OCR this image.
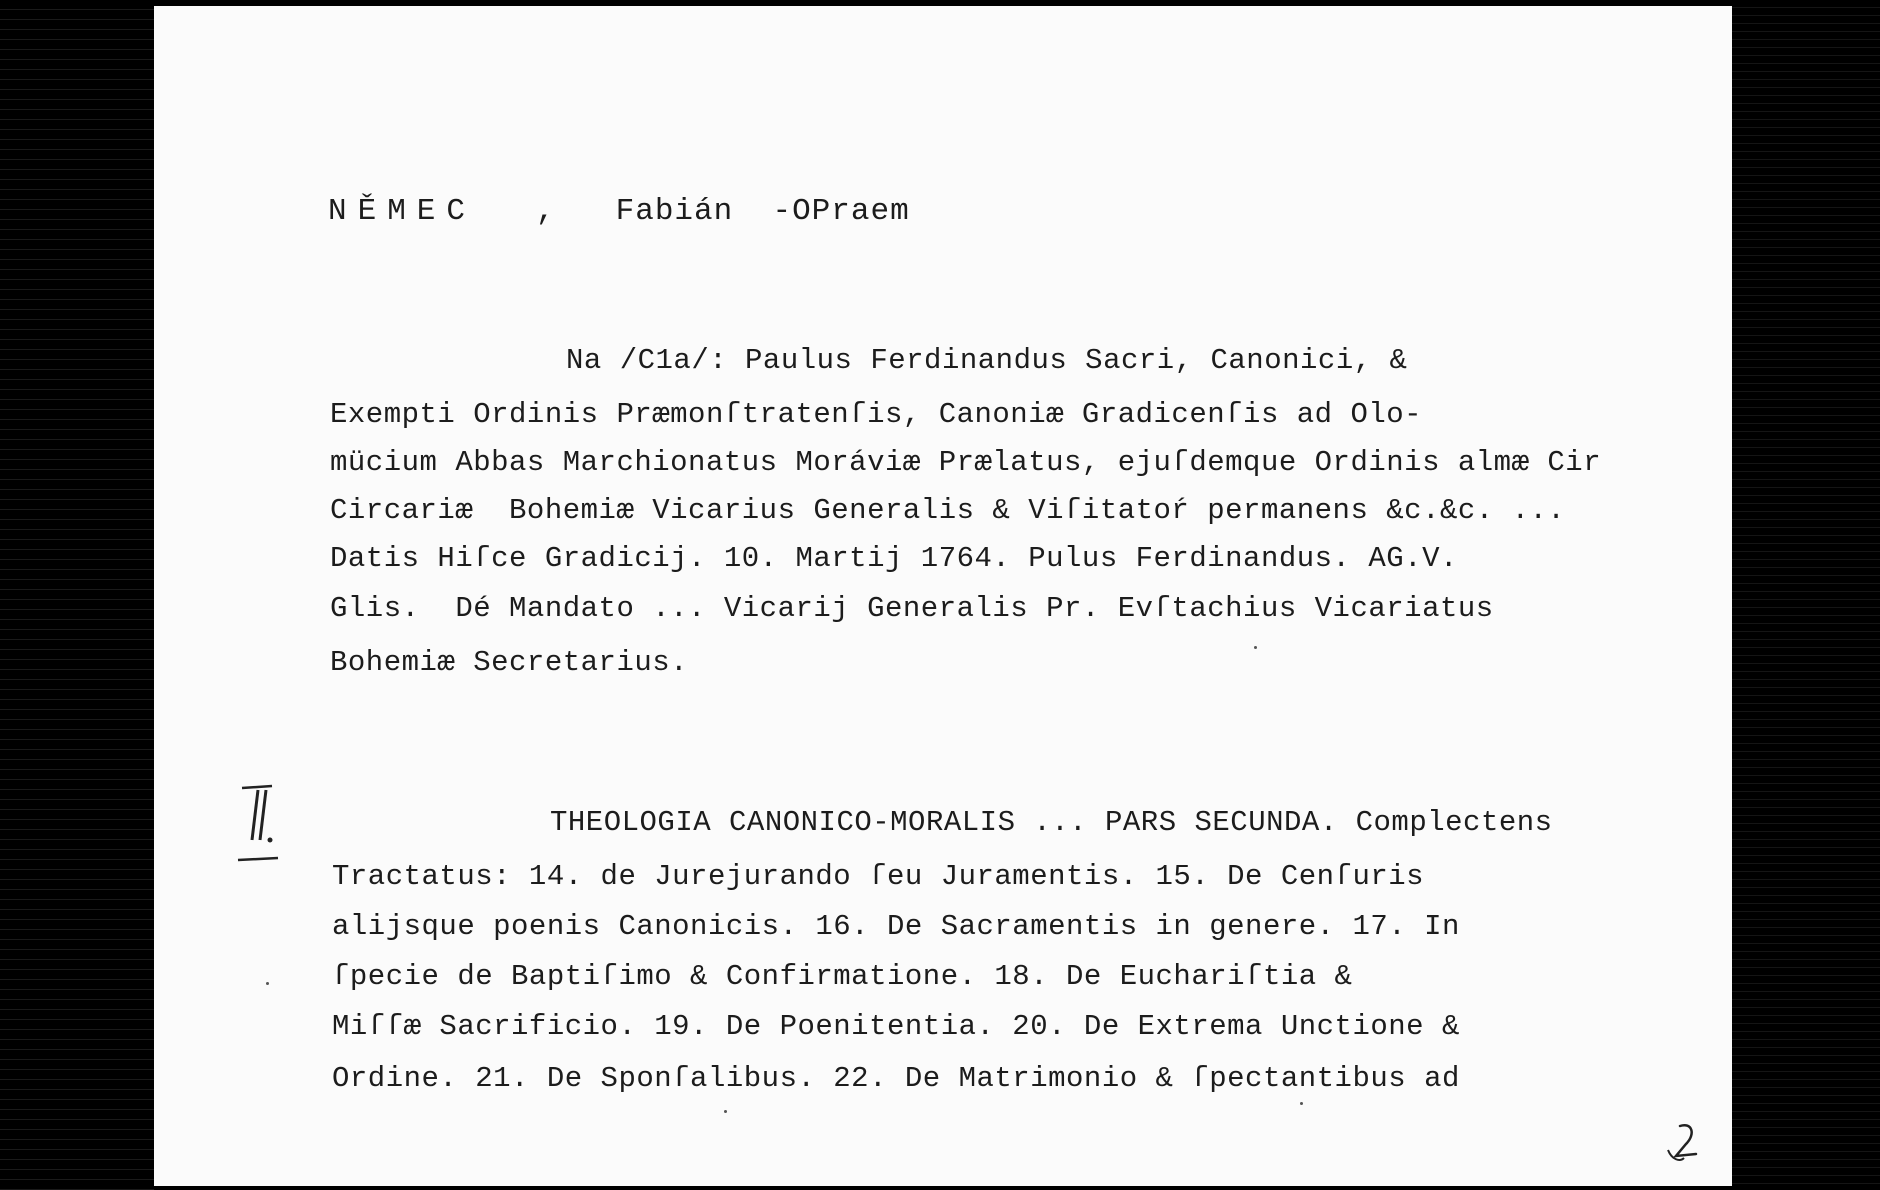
NĚMEC , Fabián -OPraem
Na /C1a/: Paulus Ferdinandus Sacri, Canonici, &
Exempti Ordinis Præmonſtratenſis, Canoniæ Gradicenſis ad Olo-
mücium Abbas Marchionatus Moráviæ Prælatus, ejuſdemque Ordinis almæ Cir
Circariæ  Bohemiæ Vicarius Generalis & Viſitatoŕ permanens &c.&c. ...
Datis Hiſce Gradicij. 10. Martij 1764. Pulus Ferdinandus. AG.V.
Glis.  Dé Mandato ... Vicarij Generalis Pr. Evſtachius Vicariatus
Bohemiæ Secretarius.
THEOLOGIA CANONICO-MORALIS ... PARS SECUNDA. Complectens
Tractatus: 14. de Jurejurando ſeu Juramentis. 15. De Cenſuris
alijsque poenis Canonicis. 16. De Sacramentis in genere. 17. In
ſpecie de Baptiſimo & Confirmatione. 18. De Euchariſtia &
Miſſæ Sacrificio. 19. De Poenitentia. 20. De Extrema Unctione &
Ordine. 21. De Sponſalibus. 22. De Matrimonio & ſpectantibus ad
